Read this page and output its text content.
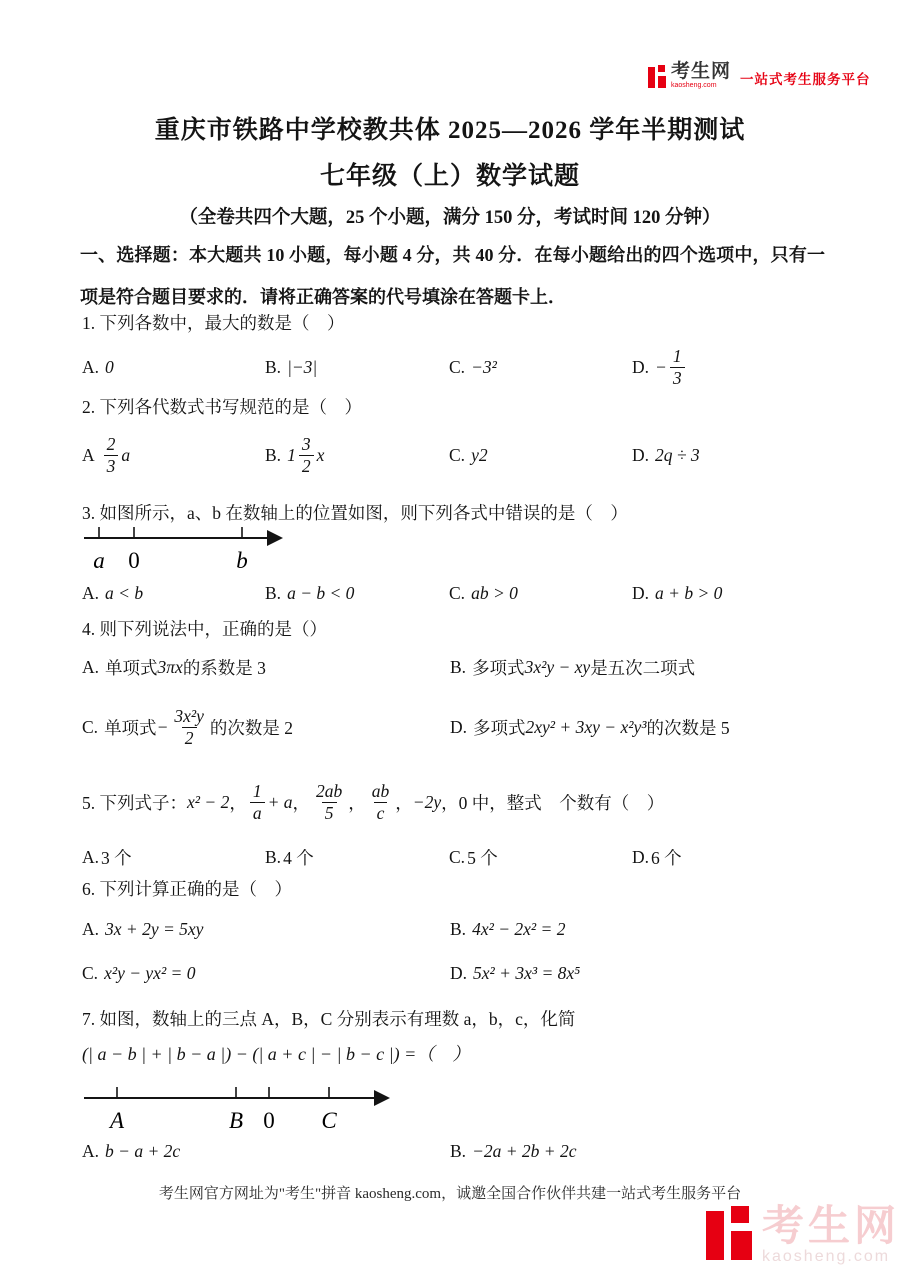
考生网
kaosheng.com	一站式考生服务平台
重庆市铁路中学校教共体 2025—2026 学年半期测试
七年级（上）数学试题
（全卷共四个大题，25 个小题，满分 150 分，考试时间 120 分钟）
一、选择题：本大题共 10 小题，每小题 4 分，共 40 分．在每小题给出的四个选项中，只有一项是符合题目要求的．请将正确答案的代号填涂在答题卡上．
1. 下列各数中，最大的数是（　）
A. 0	B. |−3|	C. −3²	D. − $\frac{1}{3}$
2. 下列各代数式书写规范的是（　）
A $\frac{2}{3}$ a	B. $1 \frac{3}{2}$ x	C. y2	D. 2q ÷ 3
3. 如图所示，a、b 在数轴上的位置如图，则下列各式中错误的是（　）
a 0	b
A. a < b	B. a − b < 0	C. ab > 0	D. a + b > 0
4. 则下列说法中，正确的是（）
A. 单项式 3πx 的系数是 3	B. 多项式 3x²y − xy 是五次二项式
C. 单项式 − $\frac{\text{3x²y}}{2}$ 的次数是 2	D. 多项式 2xy² + 3xy − x²y³ 的次数是 5
5. 下列式子： x² − 2 ， $\frac{1}{a} + a$ ， $\frac{2ab}{5}$ ， $\frac{ab}{c}$ ， −2y ，0 中，整式　个数有（　）
A. 3 个	B. 4 个	C. 5 个	D. 6 个
6. 下列计算正确的是（　）
A. 3x + 2y = 5xy	B. 4x² − 2x² = 2
C. x²y − yx² = 0	D. 5x² + 3x³ = 8x⁵
7. 如图，数轴上的三点 A，B，C 分别表示有理数 a，b，c，化简
(| a − b | + | b − a |) − (| a + c | − | b − c |) =（　）
A	B 0 C
A. b − a + 2c	B. −2a + 2b + 2c
考生网官方网址为"考生"拼音 kaosheng.com，诚邀全国合作伙伴共建一站式考生服务平台
考生网
kaosheng.com
